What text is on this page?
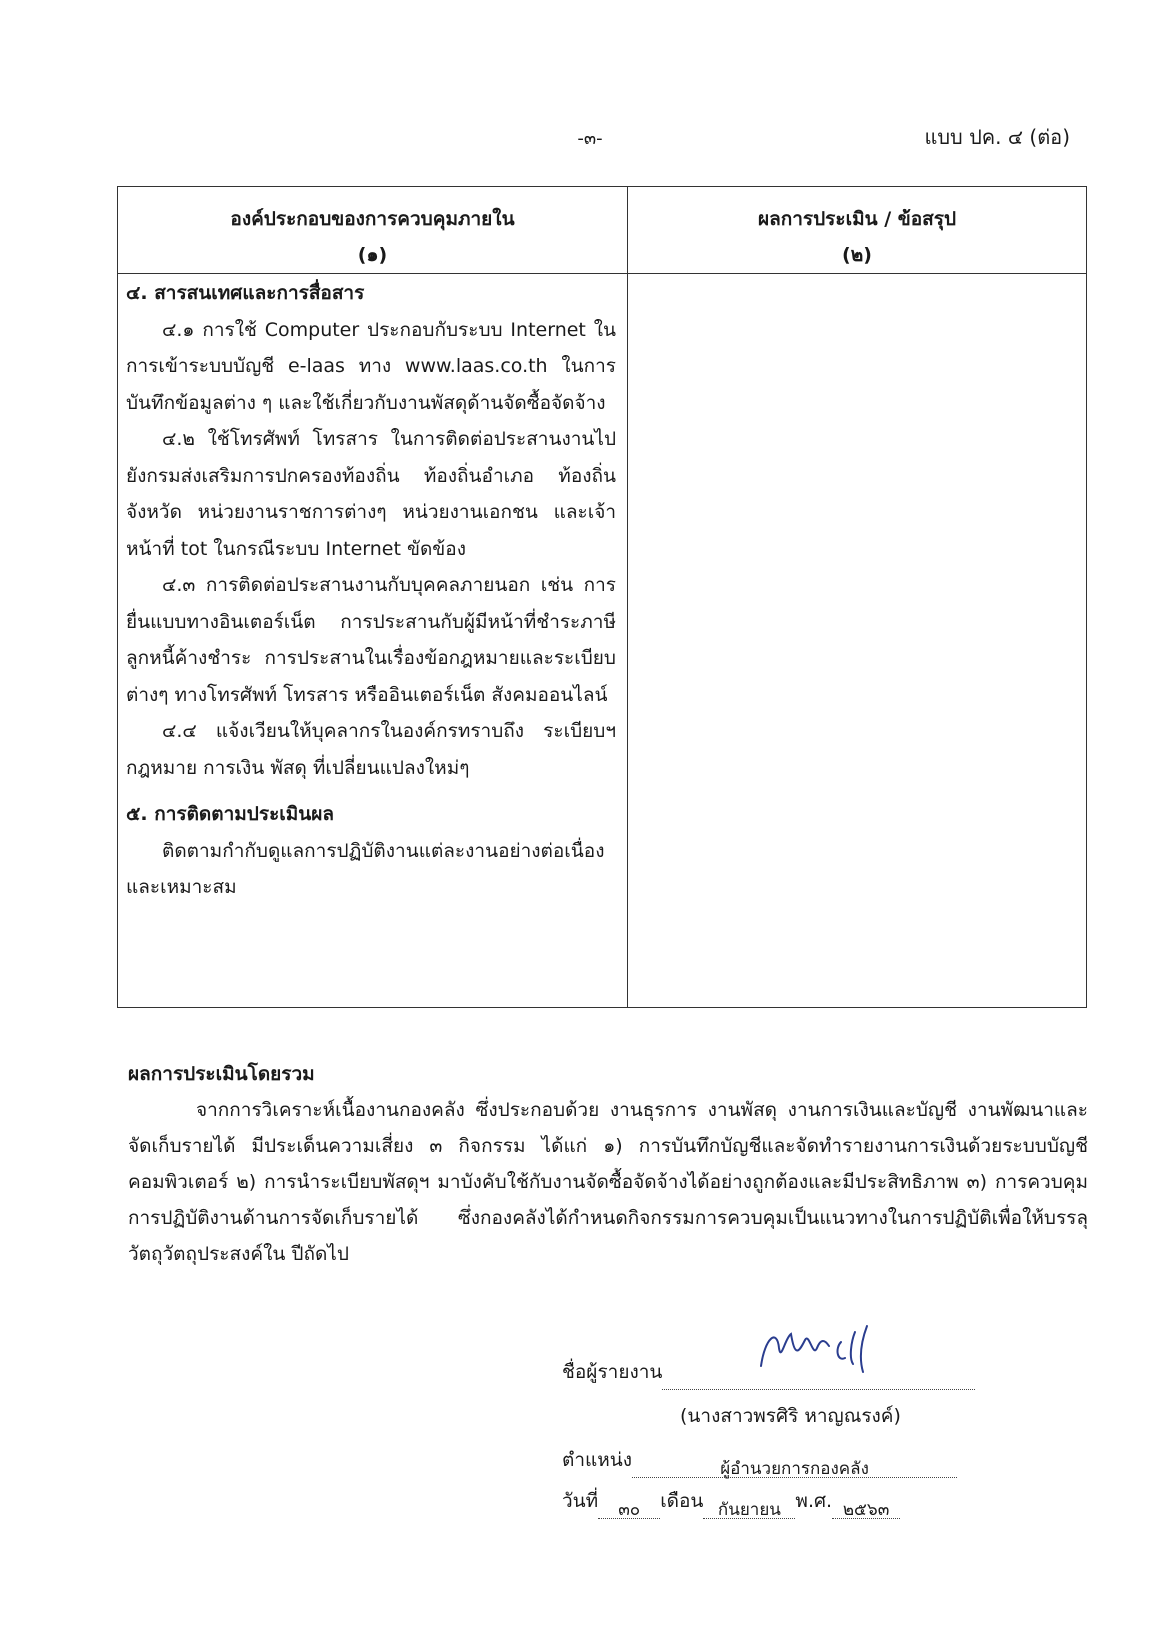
-๓-	แบบ ปค. ๔ (ต่อ)
องค์ประกอบของการควบคุมภายใน
(๑)
ผลการประเมิน / ข้อสรุป
(๒)
๔. สารสนเทศและการสื่อสาร

๔.๑ การใช้ Computer ประกอบกับระบบ Internet ในการเข้าระบบบัญชี e-laas ทาง www.laas.co.th ในการบันทึกข้อมูลต่าง ๆ และใช้เกี่ยวกับงานพัสดุด้านจัดซื้อจัดจ้าง

๔.๒ ใช้โทรศัพท์ โทรสาร ในการติดต่อประสานงานไปยังกรมส่งเสริมการปกครองท้องถิ่น ท้องถิ่นอำเภอ ท้องถิ่นจังหวัด หน่วยงานราชการต่างๆ หน่วยงานเอกชน และเจ้าหน้าที่ tot ในกรณีระบบ Internet ขัดข้อง

๔.๓ การติดต่อประสานงานกับบุคคลภายนอก เช่น การยื่นแบบทางอินเตอร์เน็ต การประสานกับผู้มีหน้าที่ชำระภาษี ลูกหนี้ค้างชำระ การประสานในเรื่องข้อกฎหมายและระเบียบต่างๆ ทางโทรศัพท์ โทรสาร หรืออินเตอร์เน็ต สังคมออนไลน์

๔.๔ แจ้งเวียนให้บุคลากรในองค์กรทราบถึง ระเบียบฯ กฎหมาย การเงิน พัสดุ ที่เปลี่ยนแปลงใหม่ๆ

๕. การติดตามประเมินผล

ติดตามกำกับดูแลการปฏิบัติงานแต่ละงานอย่างต่อเนื่องและเหมาะสม

ผลการประเมินโดยรวม

จากการวิเคราะห์เนื้องานกองคลัง ซึ่งประกอบด้วย งานธุรการ งานพัสดุ งานการเงินและบัญชี งานพัฒนาและจัดเก็บรายได้ มีประเด็นความเสี่ยง ๓ กิจกรรม ได้แก่ ๑) การบันทึกบัญชีและจัดทำรายงานการเงินด้วยระบบบัญชีคอมพิวเตอร์ ๒) การนำระเบียบพัสดุฯ มาบังคับใช้กับงานจัดซื้อจัดจ้างได้อย่างถูกต้องและมีประสิทธิภาพ ๓) การควบคุมการปฏิบัติงานด้านการจัดเก็บรายได้ ซึ่งกองคลังได้กำหนดกิจกรรมการควบคุมเป็นแนวทางในการปฏิบัติเพื่อให้บรรลุวัตถุวัตถุประสงค์ใน ปีถัดไป

ชื่อผู้รายงาน
(นางสาวพรศิริ หาญณรงค์)
ตำแหน่ง	ผู้อำนวยการกองคลัง
วันที่ ๓๐ เดือน กันยายน พ.ศ. ๒๕๖๓
